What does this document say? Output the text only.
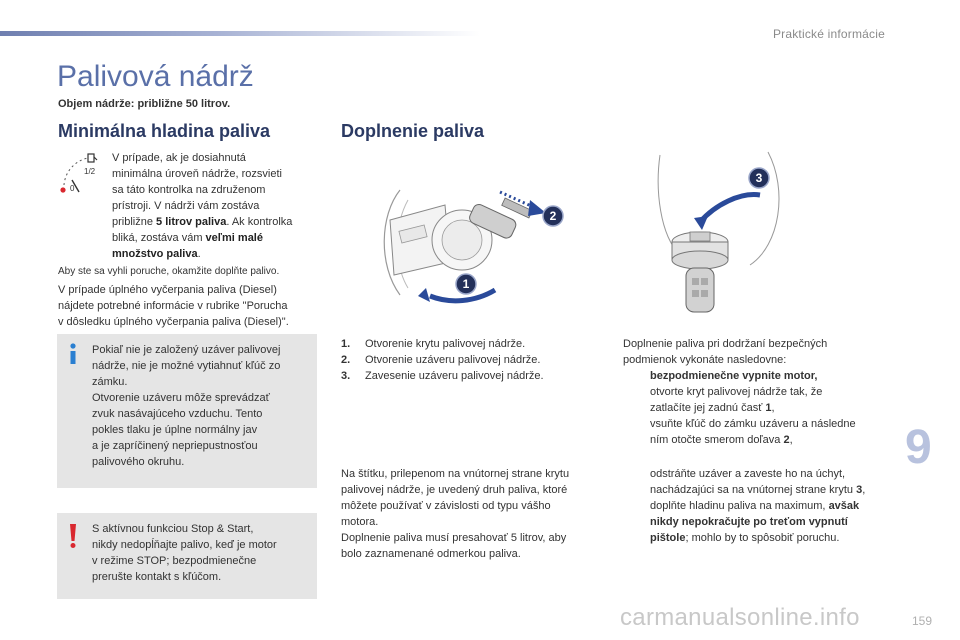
Praktické informácie
Palivová nádrž
Objem nádrže: približne 50 litrov.
Minimálna hladina paliva
1/2
0
V prípade, ak je dosiahnutá
minimálna úroveň nádrže, rozsvieti
sa táto kontrolka na združenom
prístroji. V nádrži vám zostáva
približne 5 litrov paliva. Ak kontrolka
bliká, zostáva vám veľmi malé
množstvo paliva.
Aby ste sa vyhli poruche, okamžite doplňte palivo.
V prípade úplného vyčerpania paliva (Diesel)
nájdete potrebné informácie v rubrike "Porucha
v dôsledku úplného vyčerpania paliva (Diesel)".
Pokiaľ nie je založený uzáver palivovej
nádrže, nie je možné vytiahnuť kľúč zo
zámku.
Otvorenie uzáveru môže sprevádzať
zvuk nasávajúceho vzduchu. Tento
pokles tlaku je úplne normálny jav
a je zapríčinený nepriepustnosťou
palivového okruhu.
S aktívnou funkciou Stop & Start,
nikdy nedopĺňajte palivo, keď je motor
v režime STOP; bezpodmienečne
prerušte kontakt s kľúčom.
Doplnenie paliva
2
1
3
1. Otvorenie krytu palivovej nádrže.
2. Otvorenie uzáveru palivovej nádrže.
3. Zavesenie uzáveru palivovej nádrže.
Na štítku, prilepenom na vnútornej strane krytu
palivovej nádrže, je uvedený druh paliva, ktoré
môžete používať v závislosti od typu vášho
motora.
Doplnenie paliva musí presahovať 5 litrov, aby
bolo zaznamenané odmerkou paliva.
Doplnenie paliva pri dodržaní bezpečných
podmienok vykonáte nasledovne:
bezpodmienečne vypnite motor,
otvorte kryt palivovej nádrže tak, že
zatlačíte jej zadnú časť 1,
vsuňte kľúč do zámku uzáveru a následne
ním otočte smerom doľava 2,
odstráňte uzáver a zaveste ho na úchyt,
nachádzajúci sa na vnútornej strane krytu 3,
doplňte hladinu paliva na maximum, avšak
nikdy nepokračujte po treťom vypnutí
pištole; mohlo by to spôsobiť poruchu.
9
carmanualsonline.info	159
